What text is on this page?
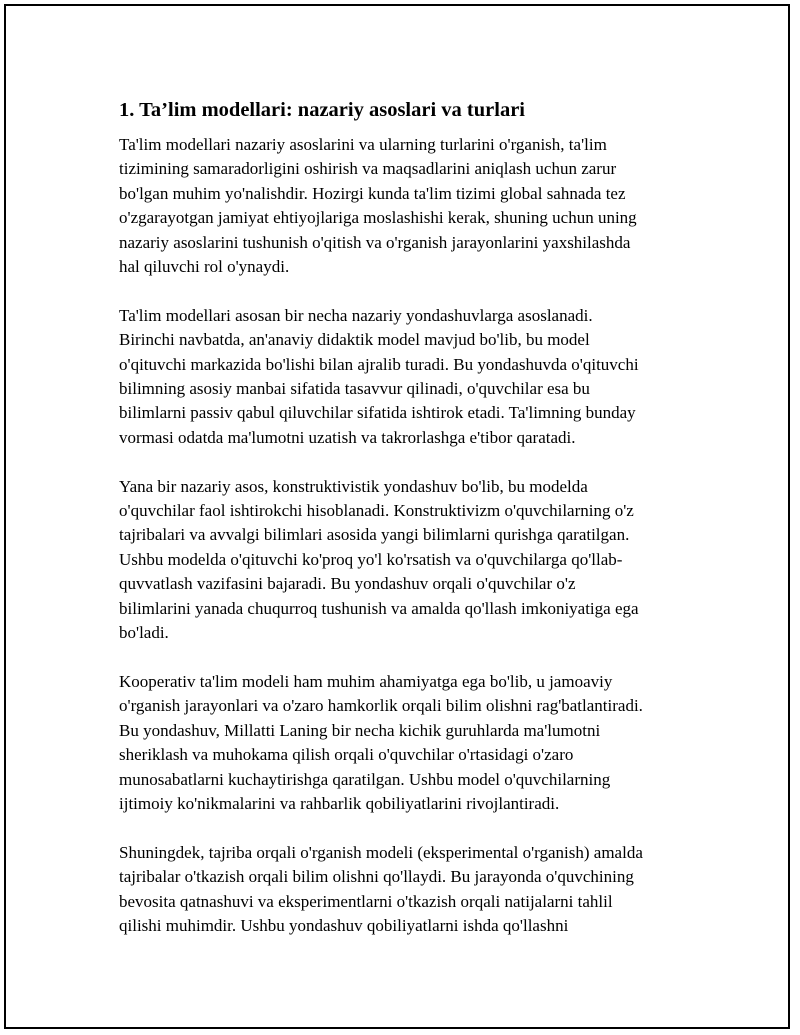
1. Ta’lim modellari: nazariy asoslari va turlari

Ta'lim modellari nazariy asoslarini va ularning turlarini o'rganish, ta'lim
tizimining samaradorligini oshirish va maqsadlarini aniqlash uchun zarur
bo'lgan muhim yo'nalishdir. Hozirgi kunda ta'lim tizimi global sahnada tez
o'zgarayotgan jamiyat ehtiyojlariga moslashishi kerak, shuning uchun uning
nazariy asoslarini tushunish o'qitish va o'rganish jarayonlarini yaxshilashda
hal qiluvchi rol o'ynaydi.

Ta'lim modellari asosan bir necha nazariy yondashuvlarga asoslanadi.
Birinchi navbatda, an'anaviy didaktik model mavjud bo'lib, bu model
o'qituvchi markazida bo'lishi bilan ajralib turadi. Bu yondashuvda o'qituvchi
bilimning asosiy manbai sifatida tasavvur qilinadi, o'quvchilar esa bu
bilimlarni passiv qabul qiluvchilar sifatida ishtirok etadi. Ta'limning bunday
vormasi odatda ma'lumotni uzatish va takrorlashga e'tibor qaratadi.

Yana bir nazariy asos, konstruktivistik yondashuv bo'lib, bu modelda
o'quvchilar faol ishtirokchi hisoblanadi. Konstruktivizm o'quvchilarning o'z
tajribalari va avvalgi bilimlari asosida yangi bilimlarni qurishga qaratilgan.
Ushbu modelda o'qituvchi ko'proq yo'l ko'rsatish va o'quvchilarga qo'llab-
quvvatlash vazifasini bajaradi. Bu yondashuv orqali o'quvchilar o'z
bilimlarini yanada chuqurroq tushunish va amalda qo'llash imkoniyatiga ega
bo'ladi.

Kooperativ ta'lim modeli ham muhim ahamiyatga ega bo'lib, u jamoaviy
o'rganish jarayonlari va o'zaro hamkorlik orqali bilim olishni rag'batlantiradi.
Bu yondashuv, Millatti Laning bir necha kichik guruhlarda ma'lumotni
sheriklash va muhokama qilish orqali o'quvchilar o'rtasidagi o'zaro
munosabatlarni kuchaytirishga qaratilgan. Ushbu model o'quvchilarning
ijtimoiy ko'nikmalarini va rahbarlik qobiliyatlarini rivojlantiradi.

Shuningdek, tajriba orqali o'rganish modeli (eksperimental o'rganish) amalda
tajribalar o'tkazish orqali bilim olishni qo'llaydi. Bu jarayonda o'quvchining
bevosita qatnashuvi va eksperimentlarni o'tkazish orqali natijalarni tahlil
qilishi muhimdir. Ushbu yondashuv qobiliyatlarni ishda qo'llashni
